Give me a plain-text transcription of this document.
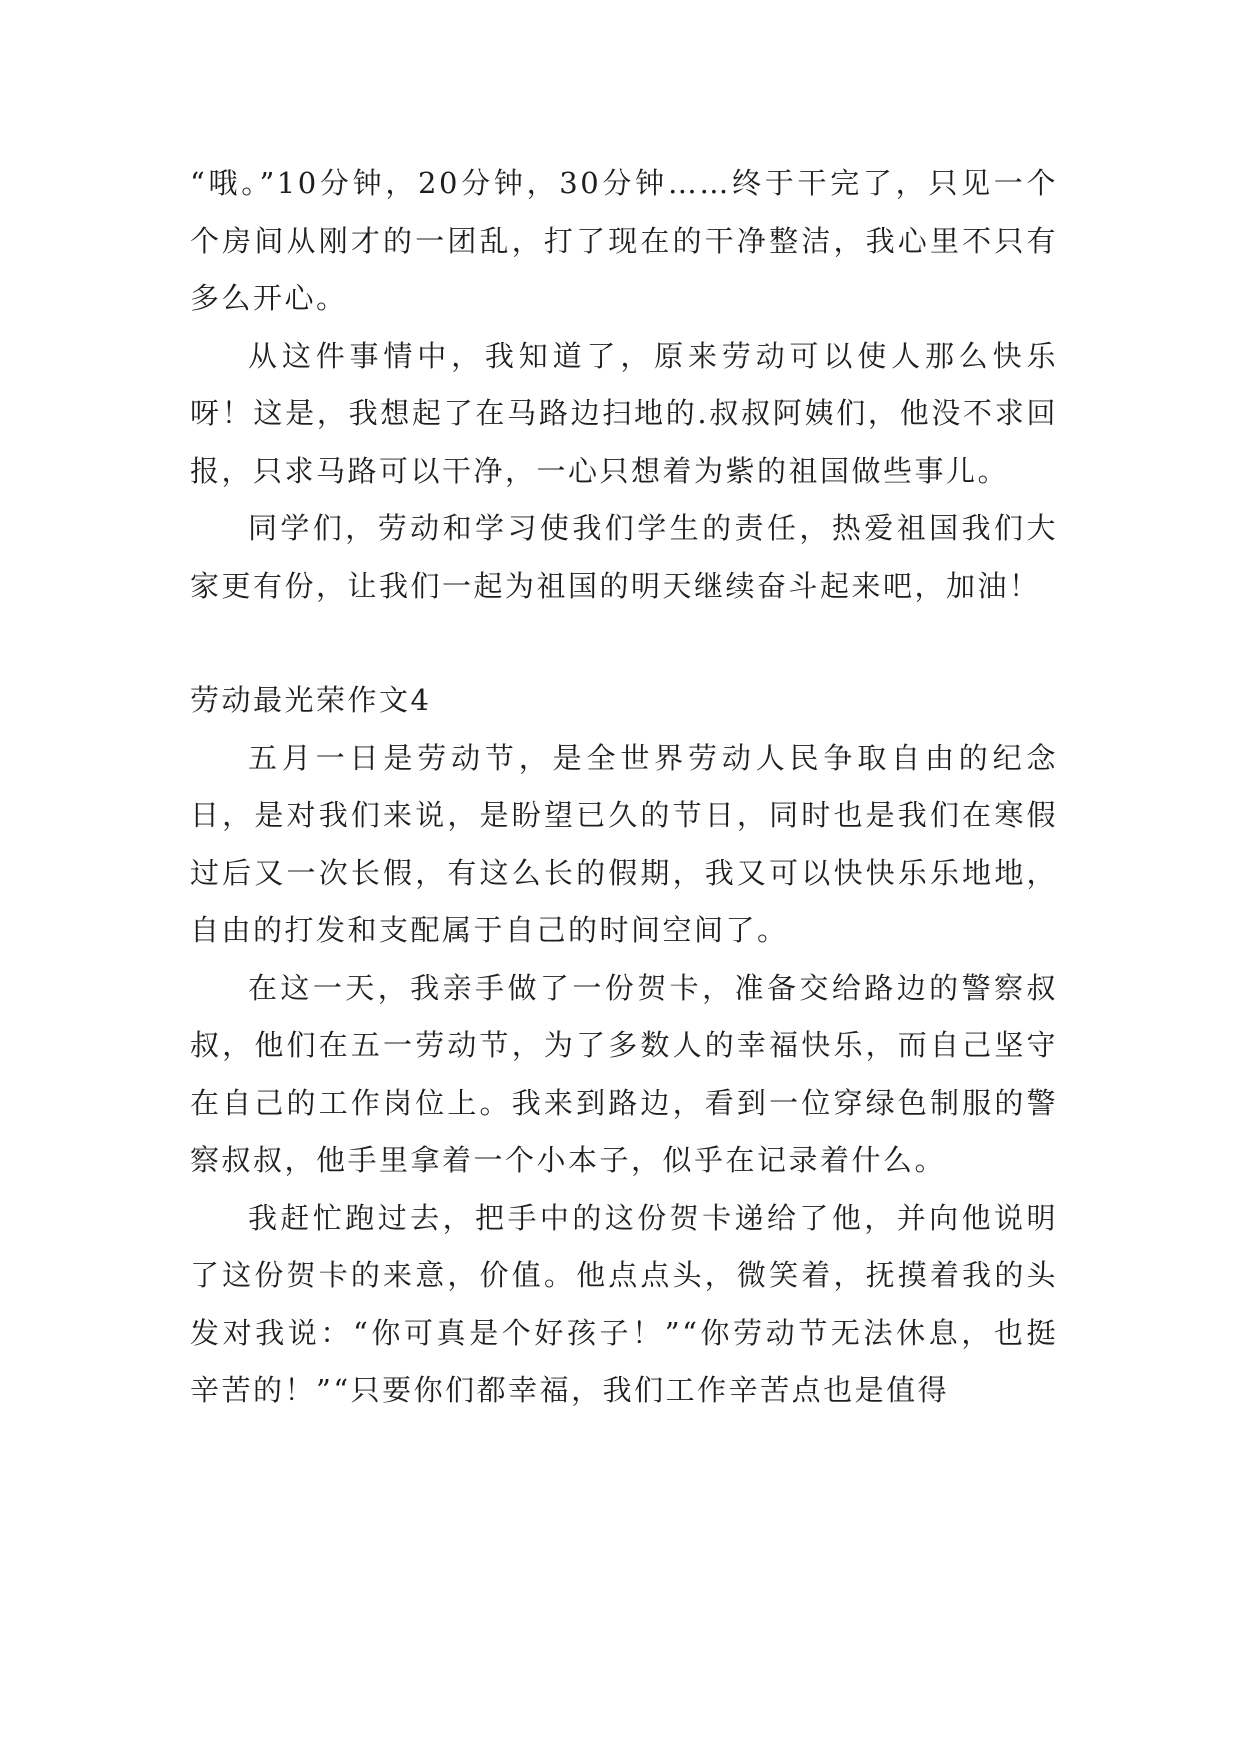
“哦。”10分钟，20分钟，30分钟……终于干完了，只见一个个房间从刚才的一团乱，打了现在的干净整洁，我心里不只有多么开心。

从这件事情中，我知道了，原来劳动可以使人那么快乐呀！这是，我想起了在马路边扫地的.叔叔阿姨们，他没不求回报，只求马路可以干净，一心只想着为紫的祖国做些事儿。

同学们，劳动和学习使我们学生的责任，热爱祖国我们大家更有份，让我们一起为祖国的明天继续奋斗起来吧，加油！

劳动最光荣作文4

五月一日是劳动节，是全世界劳动人民争取自由的纪念日，是对我们来说，是盼望已久的节日，同时也是我们在寒假过后又一次长假，有这么长的假期，我又可以快快乐乐地地，自由的打发和支配属于自己的时间空间了。

在这一天，我亲手做了一份贺卡，准备交给路边的警察叔叔，他们在五一劳动节，为了多数人的幸福快乐，而自己坚守在自己的工作岗位上。我来到路边，看到一位穿绿色制服的警察叔叔，他手里拿着一个小本子，似乎在记录着什么。

我赶忙跑过去，把手中的这份贺卡递给了他，并向他说明了这份贺卡的来意，价值。他点点头，微笑着，抚摸着我的头发对我说：“你可真是个好孩子！”“你劳动节无法休息，也挺辛苦的！”“只要你们都幸福，我们工作辛苦点也是值得
